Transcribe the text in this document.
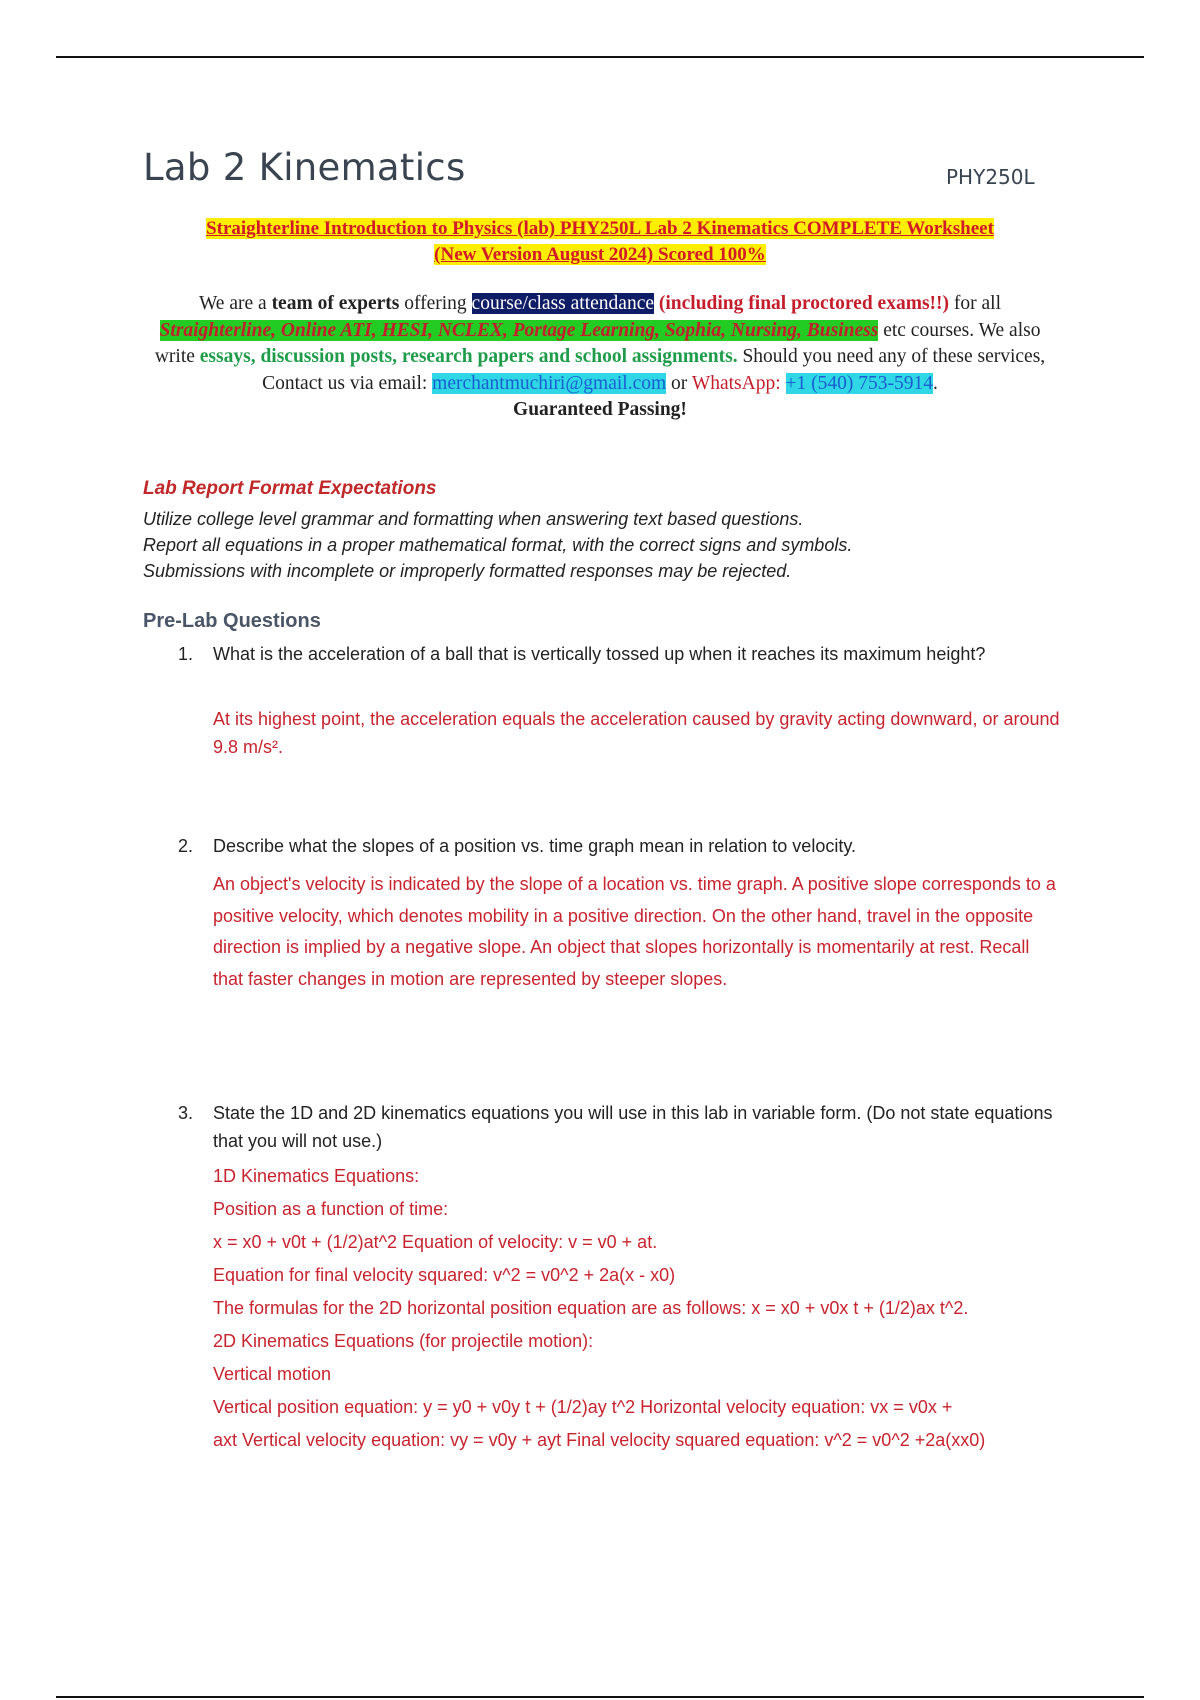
Lab 2 Kinematics	PHY250L
Straighterline Introduction to Physics (lab) PHY250L Lab 2 Kinematics COMPLETE Worksheet
(New Version August 2024) Scored 100%
We are a team of experts offering course/class attendance (including final proctored exams!!) for all Straighterline, Online ATI, HESI, NCLEX, Portage Learning, Sophia, Nursing, Business etc courses. We also write essays, discussion posts, research papers and school assignments. Should you need any of these services, Contact us via email: merchantmuchiri@gmail.com or WhatsApp: +1 (540) 753-5914.
Guaranteed Passing!
Lab Report Format Expectations
Utilize college level grammar and formatting when answering text based questions.
Report all equations in a proper mathematical format, with the correct signs and symbols.
Submissions with incomplete or improperly formatted responses may be rejected.
Pre-Lab Questions
1. What is the acceleration of a ball that is vertically tossed up when it reaches its maximum height?
At its highest point, the acceleration equals the acceleration caused by gravity acting downward, or around 9.8 m/s².
2. Describe what the slopes of a position vs. time graph mean in relation to velocity.
An object's velocity is indicated by the slope of a location vs. time graph. A positive slope corresponds to a positive velocity, which denotes mobility in a positive direction. On the other hand, travel in the opposite direction is implied by a negative slope. An object that slopes horizontally is momentarily at rest. Recall that faster changes in motion are represented by steeper slopes.
3. State the 1D and 2D kinematics equations you will use in this lab in variable form. (Do not state equations that you will not use.)
1D Kinematics Equations:
Position as a function of time:
x = x0 + v0t + (1/2)at^2 Equation of velocity: v = v0 + at.
Equation for final velocity squared: v^2 = v0^2 + 2a(x - x0)
The formulas for the 2D horizontal position equation are as follows: x = x0 + v0x t + (1/2)ax t^2.
2D Kinematics Equations (for projectile motion):
Vertical motion
Vertical position equation: y = y0 + v0y t + (1/2)ay t^2 Horizontal velocity equation: vx = v0x +
axt Vertical velocity equation: vy = v0y + ayt Final velocity squared equation: v^2 = v0^2 +2a(xx0)
